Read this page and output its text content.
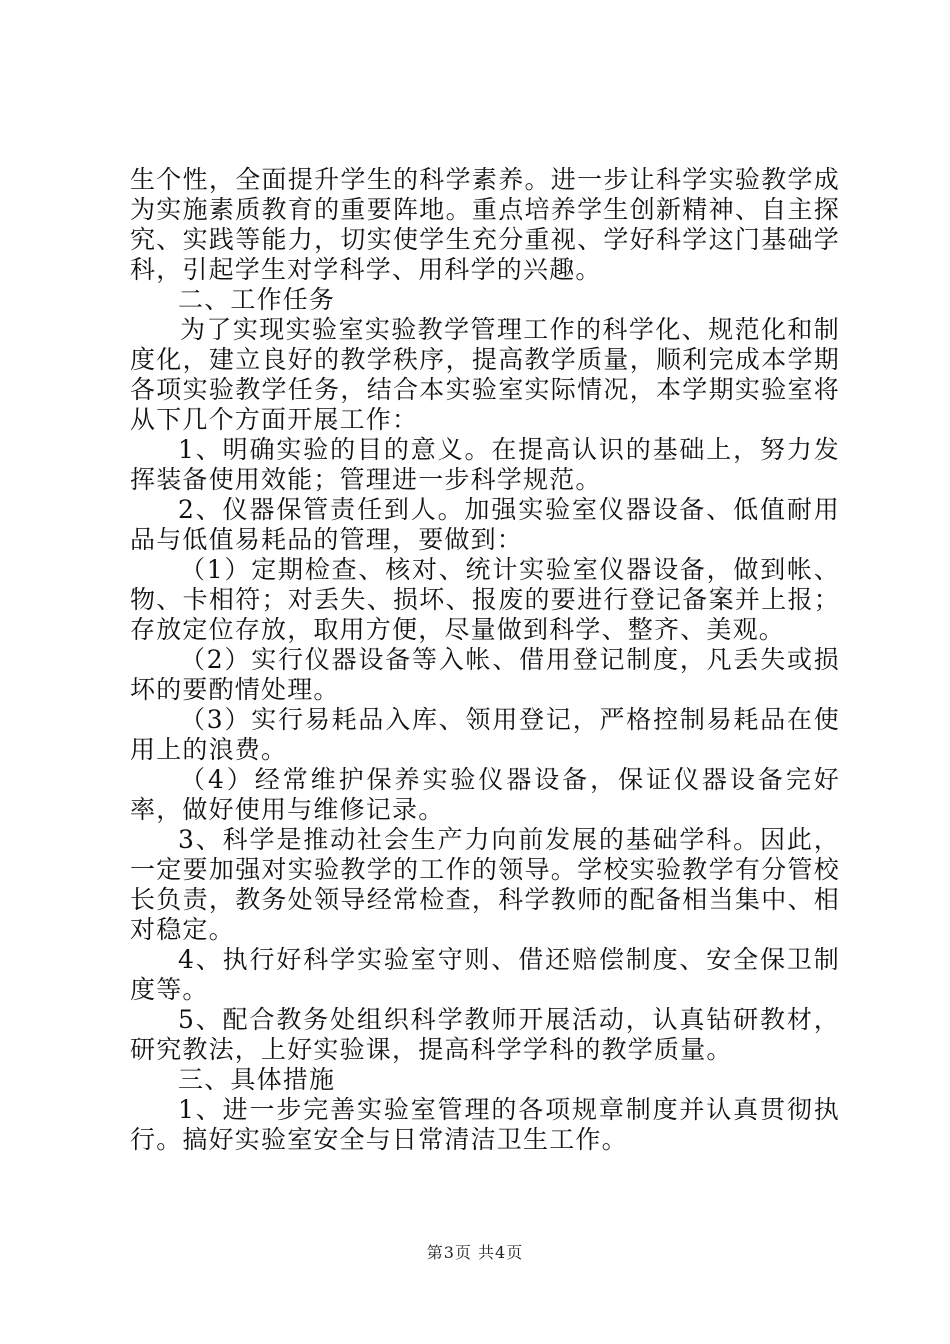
生个性，全面提升学生的科学素养。进一步让科学实验教学成为实施素质教育的重要阵地。重点培养学生创新精神、自主探究、实践等能力，切实使学生充分重视、学好科学这门基础学科，引起学生对学科学、用科学的兴趣。

二、工作任务

为了实现实验室实验教学管理工作的科学化、规范化和制度化，建立良好的教学秩序，提高教学质量，顺利完成本学期各项实验教学任务，结合本实验室实际情况，本学期实验室将从下几个方面开展工作：

1、明确实验的目的意义。在提高认识的基础上，努力发挥装备使用效能；管理进一步科学规范。

2、仪器保管责任到人。加强实验室仪器设备、低值耐用品与低值易耗品的管理，要做到：

（1）定期检查、核对、统计实验室仪器设备，做到帐、物、卡相符；对丢失、损坏、报废的要进行登记备案并上报；存放定位存放，取用方便，尽量做到科学、整齐、美观。

（2）实行仪器设备等入帐、借用登记制度，凡丢失或损坏的要酌情处理。

（3）实行易耗品入库、领用登记，严格控制易耗品在使用上的浪费。

（4）经常维护保养实验仪器设备，保证仪器设备完好率，做好使用与维修记录。

3、科学是推动社会生产力向前发展的基础学科。因此，一定要加强对实验教学的工作的领导。学校实验教学有分管校长负责，教务处领导经常检查，科学教师的配备相当集中、相对稳定。

4、执行好科学实验室守则、借还赔偿制度、安全保卫制度等。

5、配合教务处组织科学教师开展活动，认真钻研教材，研究教法，上好实验课，提高科学学科的教学质量。

三、具体措施

1、进一步完善实验室管理的各项规章制度并认真贯彻执行。搞好实验室安全与日常清洁卫生工作。

第3页 共4页
